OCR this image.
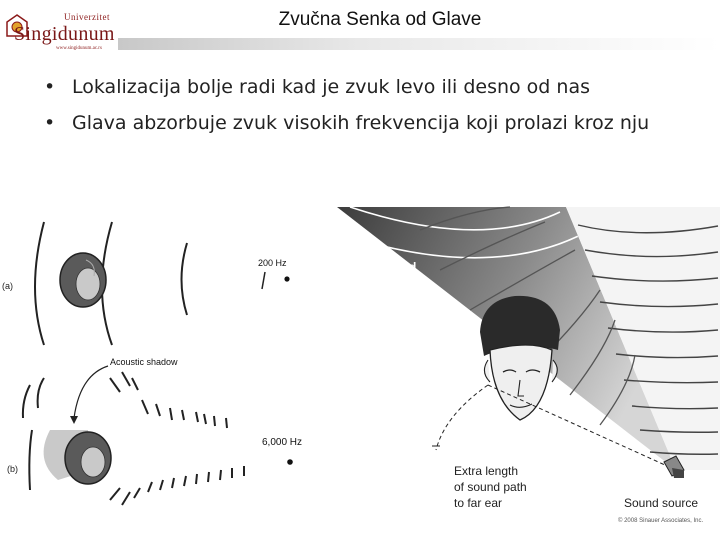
Univerzitet
Singidunum
www.singidunum.ac.rs
Zvučna Senka od Glave
• Lokalizacija bolje radi kad je zvuk levo ili desno od nas
• Glava abzorbuje zvuk visokih frekvencija koji prolazi kroz nju
(a)
200 Hz
Acoustic shadow
(b)
6,000 Hz
Sound
shadow
Extra length
of sound path
to far ear	Sound source
© 2008 Sinauer Associates, Inc.
